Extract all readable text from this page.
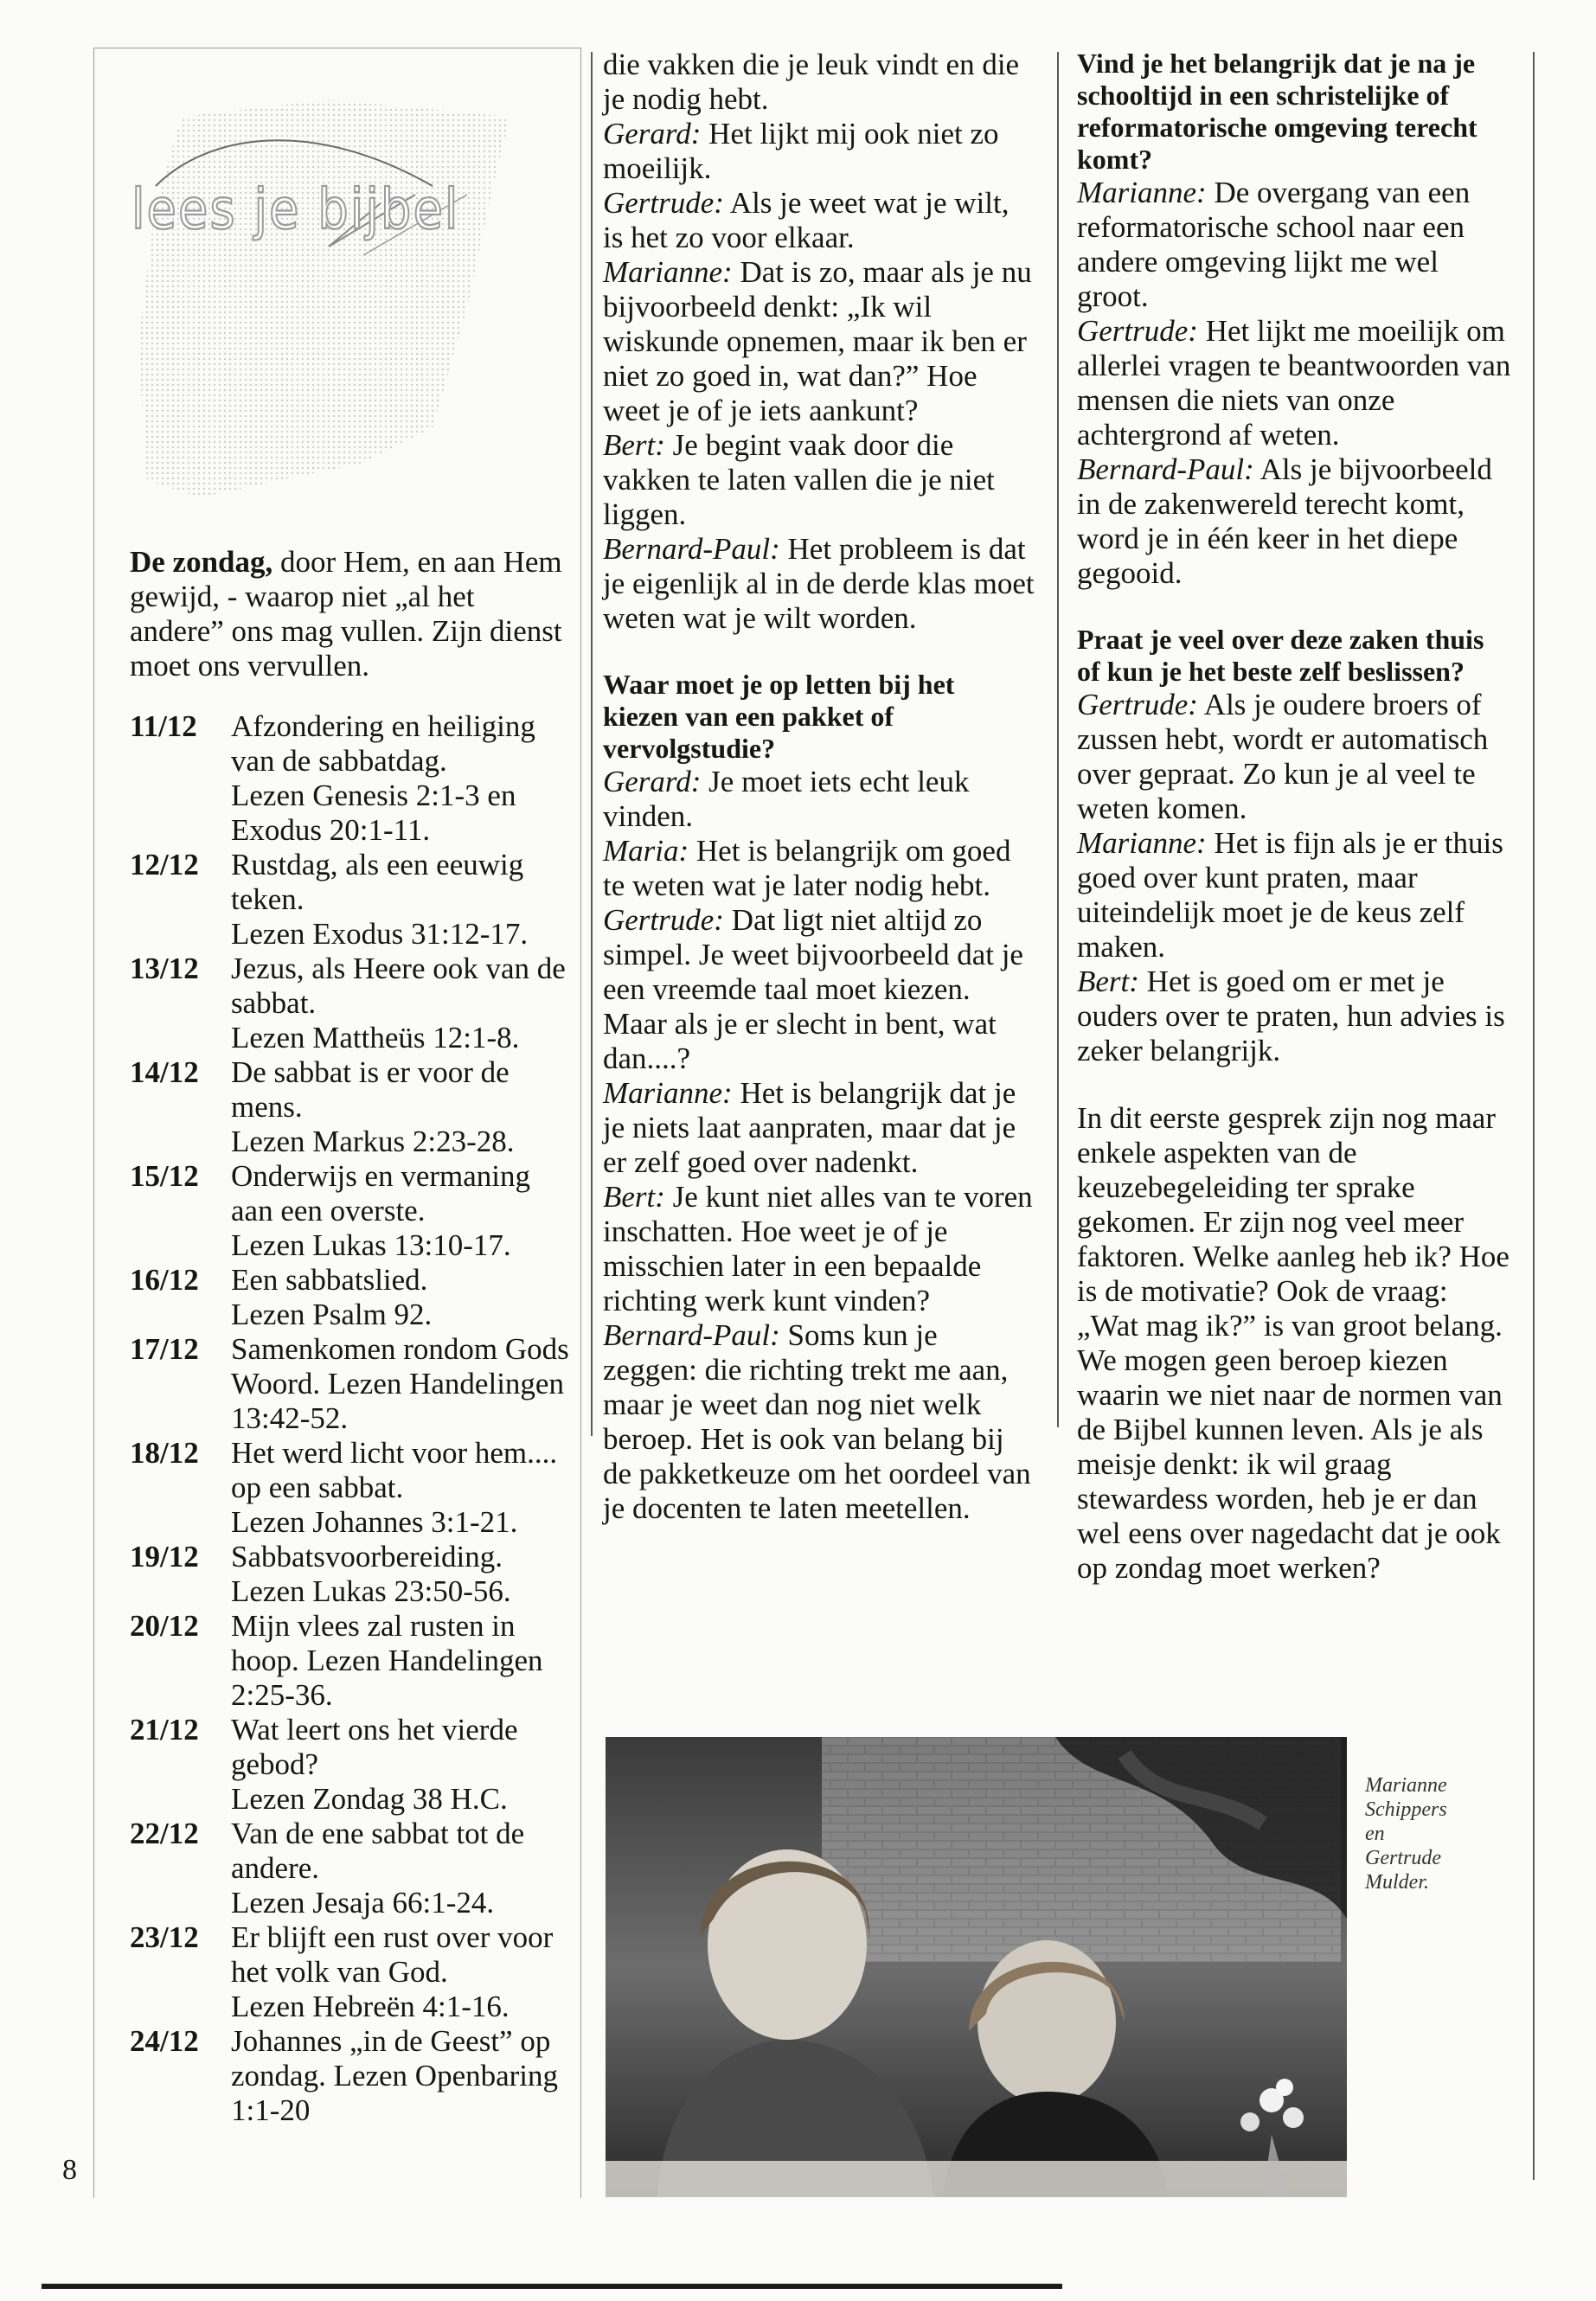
lees je bijbel
De zondag, door Hem, en aan Hem gewijd, - waarop niet „al het andere” ons mag vullen. Zijn dienst moet ons vervullen.
11/12	Afzondering en heiliging van de sabbatdag.
Lezen Genesis 2:1-3 en Exodus 20:1-11.
12/12	Rustdag, als een eeuwig teken.
Lezen Exodus 31:12-17.
13/12	Jezus, als Heere ook van de sabbat.
Lezen Mattheüs 12:1-8.
14/12	De sabbat is er voor de mens.
Lezen Markus 2:23-28.
15/12	Onderwijs en vermaning aan een overste.
Lezen Lukas 13:10-17.
16/12	Een sabbatslied.
Lezen Psalm 92.
17/12	Samenkomen rondom Gods Woord. Lezen Handelingen 13:42-52.
18/12	Het werd licht voor hem.... op een sabbat.
Lezen Johannes 3:1-21.
19/12	Sabbatsvoorbereiding.
Lezen Lukas 23:50-56.
20/12	Mijn vlees zal rusten in hoop. Lezen Handelingen 2:25-36.
21/12	Wat leert ons het vierde gebod?
Lezen Zondag 38 H.C.
22/12	Van de ene sabbat tot de andere.
Lezen Jesaja 66:1-24.
23/12	Er blijft een rust over voor het volk van God.
Lezen Hebreën 4:1-16.
24/12	Johannes „in de Geest” op zondag. Lezen Openbaring 1:1-20
8

die vakken die je leuk vindt en die je nodig hebt.

Gerard: Het lijkt mij ook niet zo moeilijk.

Gertrude: Als je weet wat je wilt, is het zo voor elkaar.

Marianne: Dat is zo, maar als je nu bijvoorbeeld denkt: „Ik wil wiskunde opnemen, maar ik ben er niet zo goed in, wat dan?” Hoe weet je of je iets aankunt?

Bert: Je begint vaak door die vakken te laten vallen die je niet liggen.

Bernard-Paul: Het probleem is dat je eigenlijk al in de derde klas moet weten wat je wilt worden.

Waar moet je op letten bij het kiezen van een pakket of vervolgstudie?

Gerard: Je moet iets echt leuk vinden.

Maria: Het is belangrijk om goed te weten wat je later nodig hebt.

Gertrude: Dat ligt niet altijd zo simpel. Je weet bijvoorbeeld dat je een vreemde taal moet kiezen. Maar als je er slecht in bent, wat dan....?

Marianne: Het is belangrijk dat je je niets laat aanpraten, maar dat je er zelf goed over nadenkt.

Bert: Je kunt niet alles van te voren inschatten. Hoe weet je of je misschien later in een bepaalde richting werk kunt vinden?

Bernard-Paul: Soms kun je zeggen: die richting trekt me aan, maar je weet dan nog niet welk beroep. Het is ook van belang bij de pakketkeuze om het oordeel van je docenten te laten meetellen.

Vind je het belangrijk dat je na je schooltijd in een schristelijke of reformatorische omgeving terecht komt?

Marianne: De overgang van een reformatorische school naar een andere omgeving lijkt me wel groot.

Gertrude: Het lijkt me moeilijk om allerlei vragen te beantwoorden van mensen die niets van onze achtergrond af weten.

Bernard-Paul: Als je bijvoorbeeld in de zakenwereld terecht komt, word je in één keer in het diepe gegooid.

Praat je veel over deze zaken thuis of kun je het beste zelf beslissen?

Gertrude: Als je oudere broers of zussen hebt, wordt er automatisch over gepraat. Zo kun je al veel te weten komen.

Marianne: Het is fijn als je er thuis goed over kunt praten, maar uiteindelijk moet je de keus zelf maken.

Bert: Het is goed om er met je ouders over te praten, hun advies is zeker belangrijk.

In dit eerste gesprek zijn nog maar enkele aspekten van de keuzebegeleiding ter sprake gekomen. Er zijn nog veel meer faktoren. Welke aanleg heb ik? Hoe is de motivatie? Ook de vraag: „Wat mag ik?” is van groot belang. We mogen geen beroep kiezen waarin we niet naar de normen van de Bijbel kunnen leven. Als je als meisje denkt: ik wil graag stewardess worden, heb je er dan wel eens over nagedacht dat je ook op zondag moet werken?

Marianne
Schippers
en
Gertrude
Mulder.
